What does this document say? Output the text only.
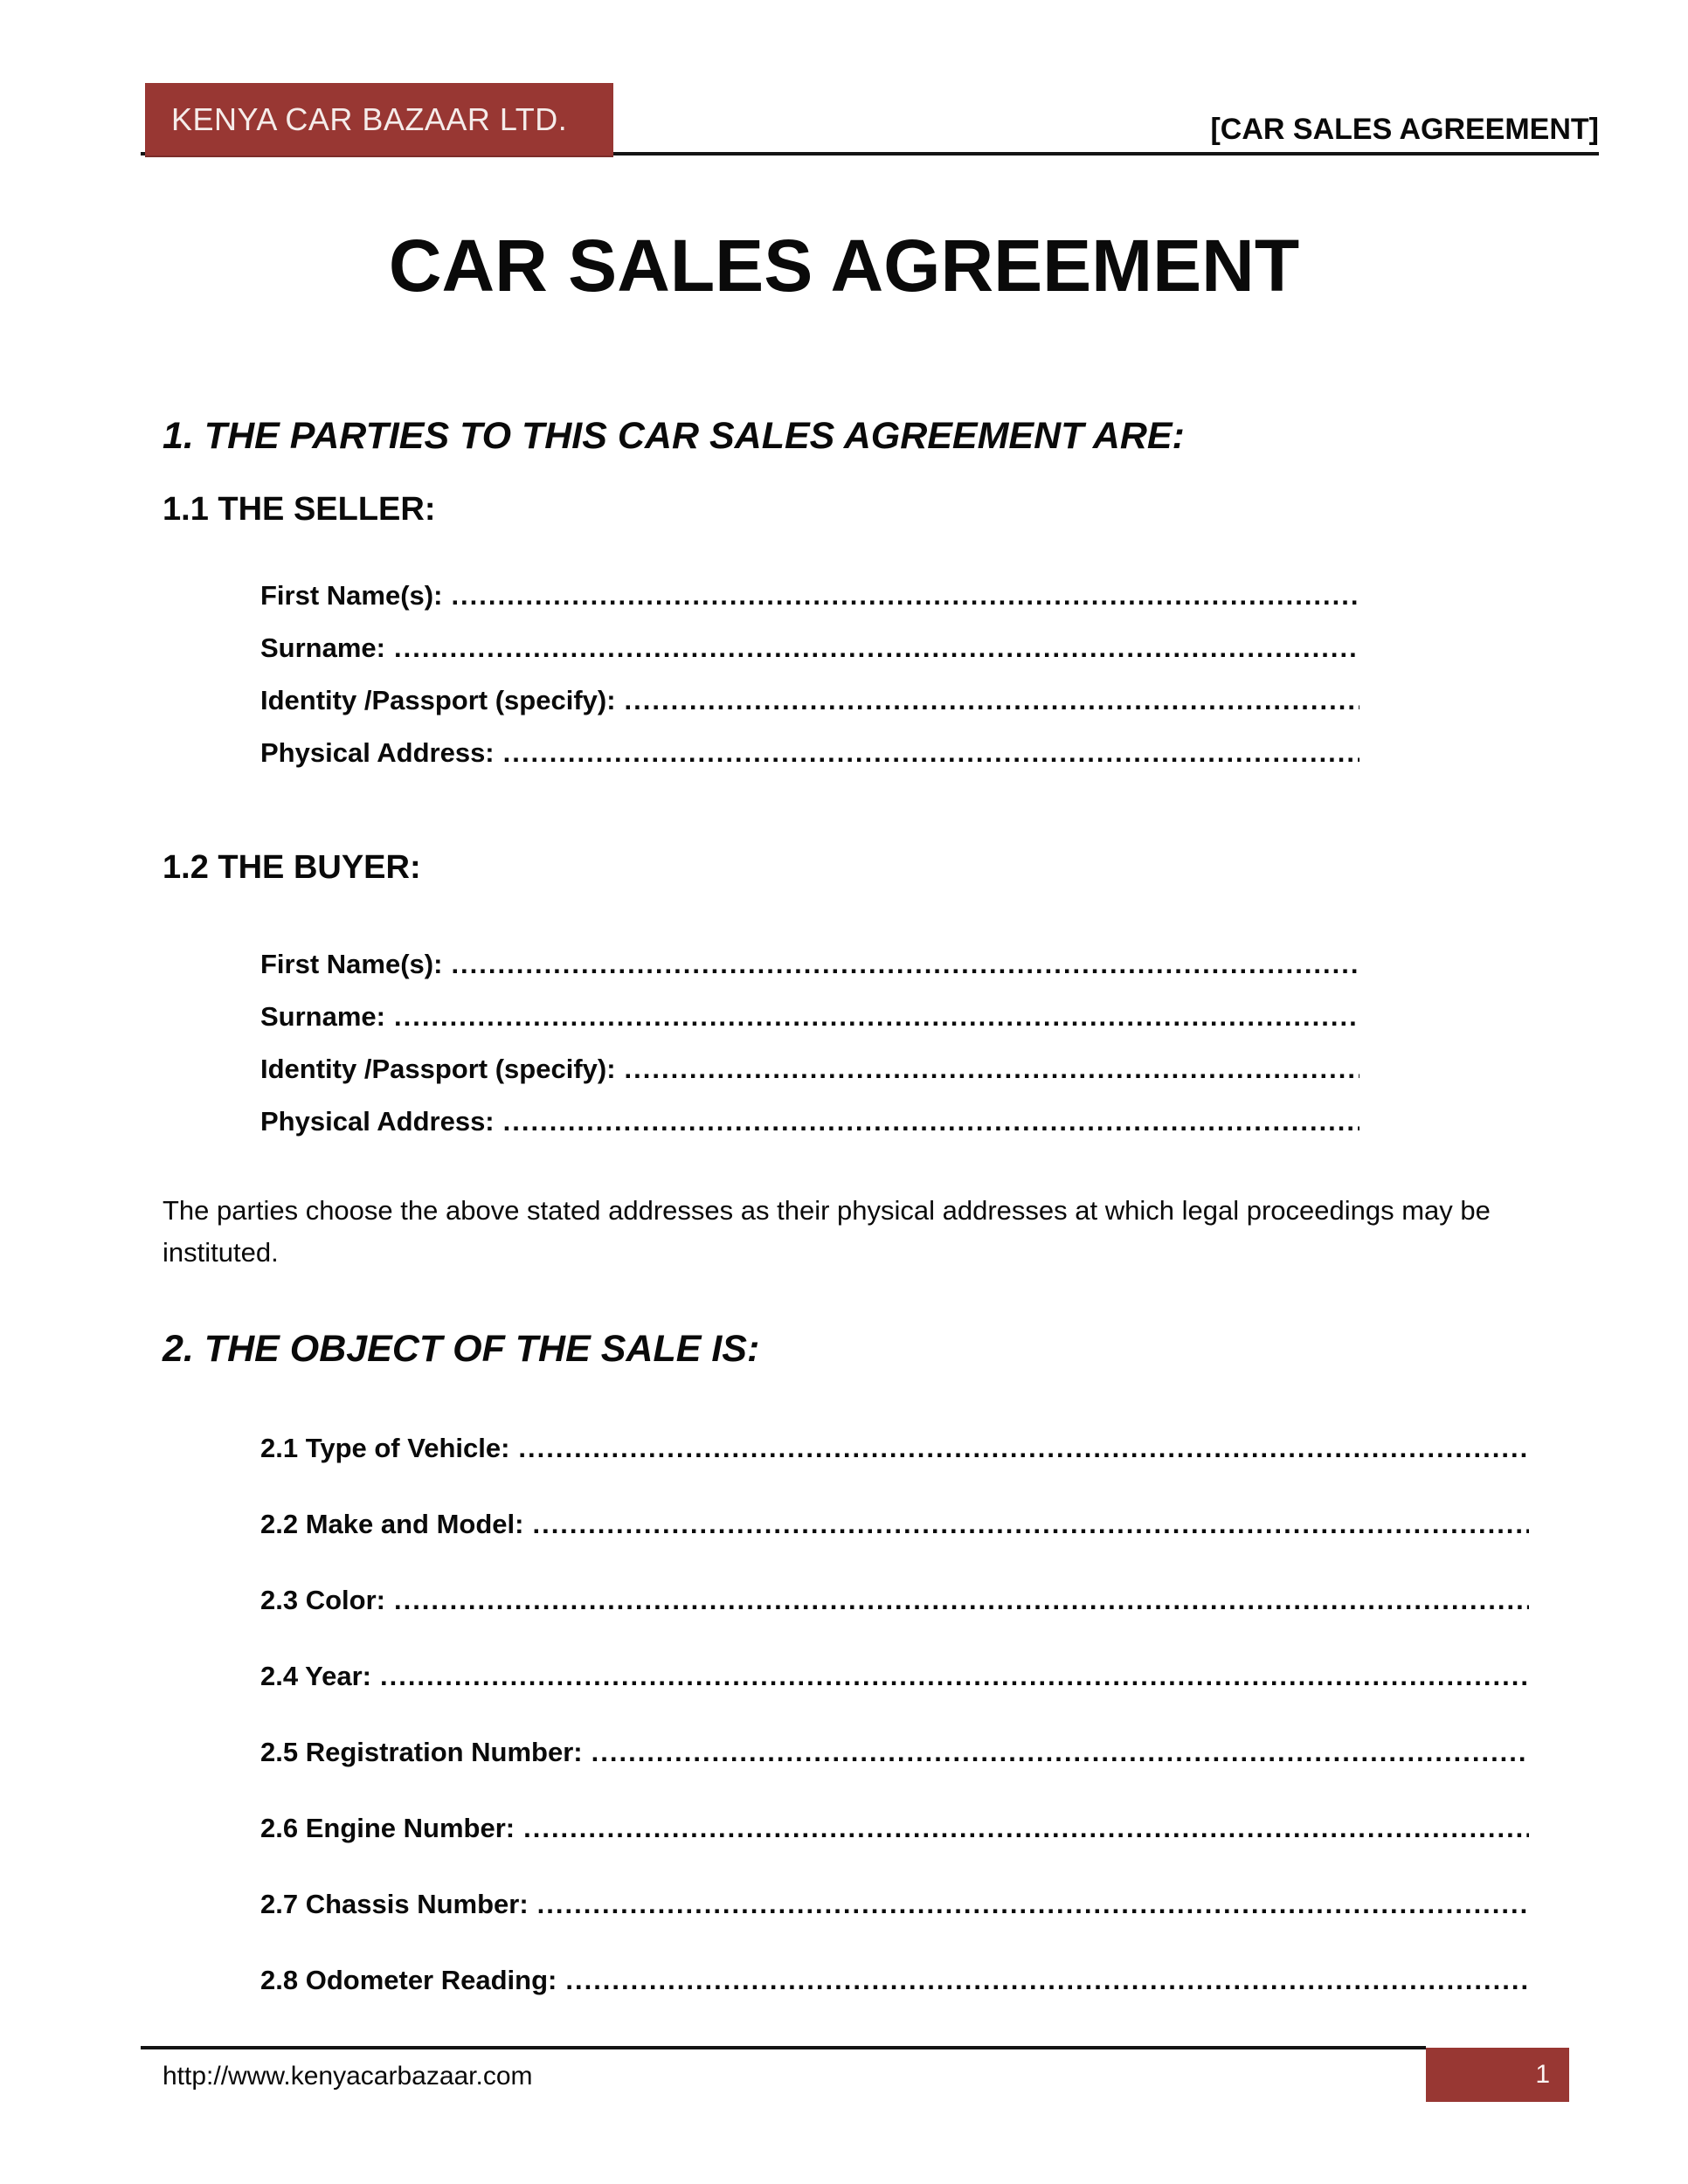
KENYA CAR BAZAAR LTD.	[CAR SALES AGREEMENT]
CAR SALES AGREEMENT
1. THE PARTIES TO THIS CAR SALES AGREEMENT ARE:
1.1 THE SELLER:
First Name(s):
.....
Surname:
.....
Identity /Passport (specify):
.....
Physical Address:
.....
1.2 THE BUYER:
First Name(s):
.....
Surname:
.....
Identity /Passport (specify):
.....
Physical Address:
.....
The parties choose the above stated addresses as their physical addresses at which legal proceedings may be instituted.
2. THE OBJECT OF THE SALE IS:
2.1 Type of Vehicle:
.....
2.2 Make and Model:
.....
2.3 Color:
.....
2.4 Year:
.....
2.5 Registration Number:
.....
2.6 Engine Number:
.....
2.7 Chassis Number:
.....
2.8 Odometer Reading:
.....
http://www.kenyacarbazaar.com	1
